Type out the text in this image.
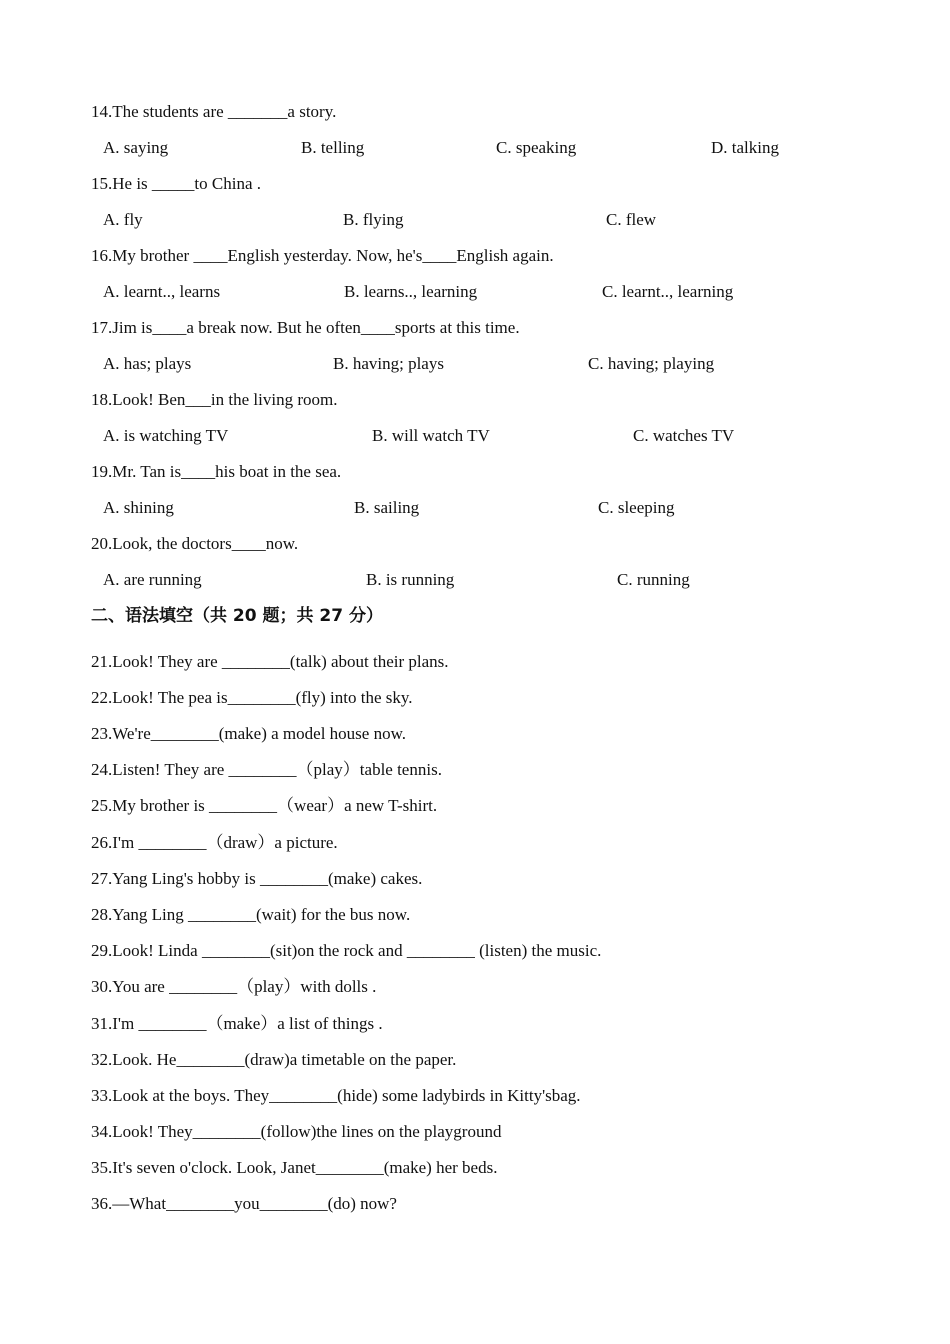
14.The students are _______a story.
A. saying	B. telling	C. speaking	D. talking
15.He is _____to China .
A. fly	B. flying	C. flew
16.My brother ____English yesterday. Now, he's____English again.
A. learnt.., learns	B. learns.., learning	C. learnt.., learning
17.Jim is____a break now. But he often____sports at this time.
A. has; plays	B. having; plays	C. having; playing
18.Look! Ben___in the living room.
A. is watching TV	B. will watch TV	C. watches TV
19.Mr. Tan is____his boat in the sea.
A. shining	B. sailing	C. sleeping
20.Look, the doctors____now.
A. are running	B. is running	C. running
二、语法填空（共 20 题；共 27 分）
21.Look! They are ________(talk) about their plans.
22.Look! The pea is________(fly) into the sky.
23.We're________(make) a model house now.
24.Listen! They are ________（play）table tennis.
25.My brother is ________（wear）a new T-shirt.
26.I'm ________（draw）a picture.
27.Yang Ling's hobby is ________(make) cakes.
28.Yang Ling ________(wait) for the bus now.
29.Look! Linda ________(sit)on the rock and ________ (listen) the music.
30.You are ________（play）with dolls .
31.I'm ________（make）a list of things .
32.Look. He________(draw)a timetable on the paper.
33.Look at the boys. They________(hide) some ladybirds in Kitty'sbag.
34.Look! They________(follow)the lines on the playground
35.It's seven o'clock. Look, Janet________(make) her beds.
36.—What________you________(do) now?
